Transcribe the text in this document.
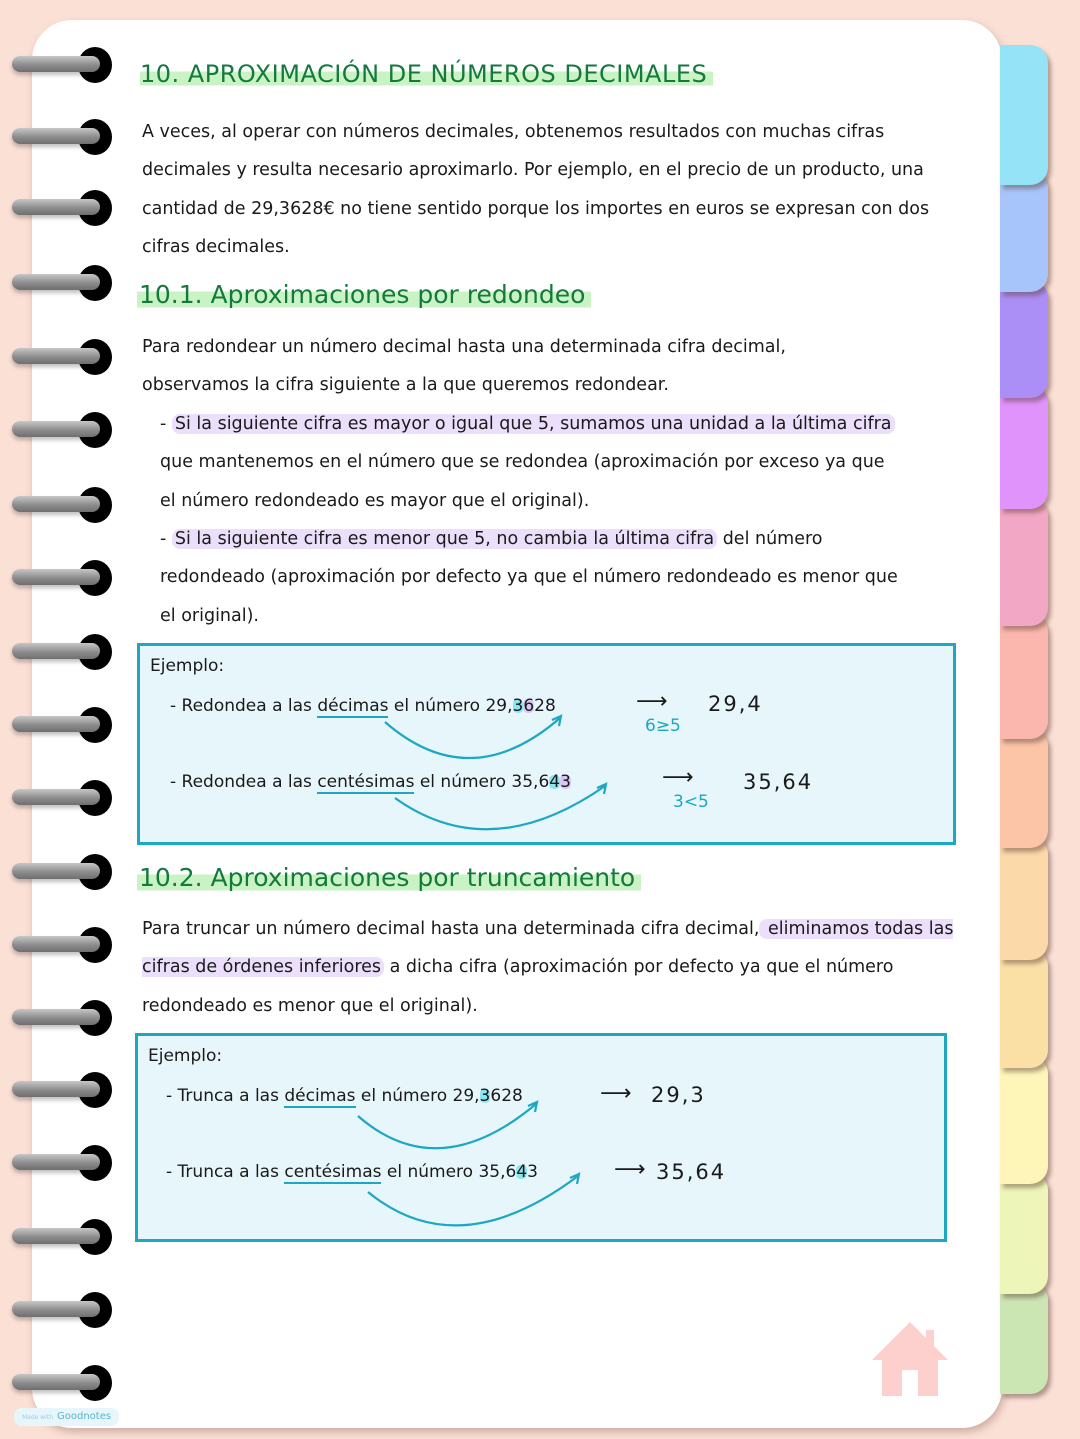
10. APROXIMACIÓN DE NÚMEROS DECIMALES
A veces, al operar con números decimales, obtenemos resultados con muchas cifras decimales y resulta necesario aproximarlo. Por ejemplo, en el precio de un producto, una cantidad de 29,3628€ no tiene sentido porque los importes en euros se expresan con dos cifras decimales.
10.1. Aproximaciones por redondeo
Para redondear un número decimal hasta una determinada cifra decimal, observamos la cifra siguiente a la que queremos redondear.
- Si la siguiente cifra es mayor o igual que 5, sumamos una unidad a la última cifra que mantenemos en el número que se redondea (aproximación por exceso ya que el número redondeado es mayor que el original).
- Si la siguiente cifra es menor que 5, no cambia la última cifra del número redondeado (aproximación por defecto ya que el número redondeado es menor que el original).
Ejemplo:
- Redondea a las décimas el número 29,3628	⟶
6≥5
29,4
- Redondea a las centésimas el número 35,643	⟶
3<5
35,64
10.2. Aproximaciones por truncamiento
Para truncar un número decimal hasta una determinada cifra decimal, eliminamos todas las cifras de órdenes inferiores a dicha cifra (aproximación por defecto ya que el número redondeado es menor que el original).
Ejemplo:
- Trunca a las décimas el número 29,3628	⟶ 29,3
- Trunca a las centésimas el número 35,643	⟶ 35,64
Made with Goodnotes
